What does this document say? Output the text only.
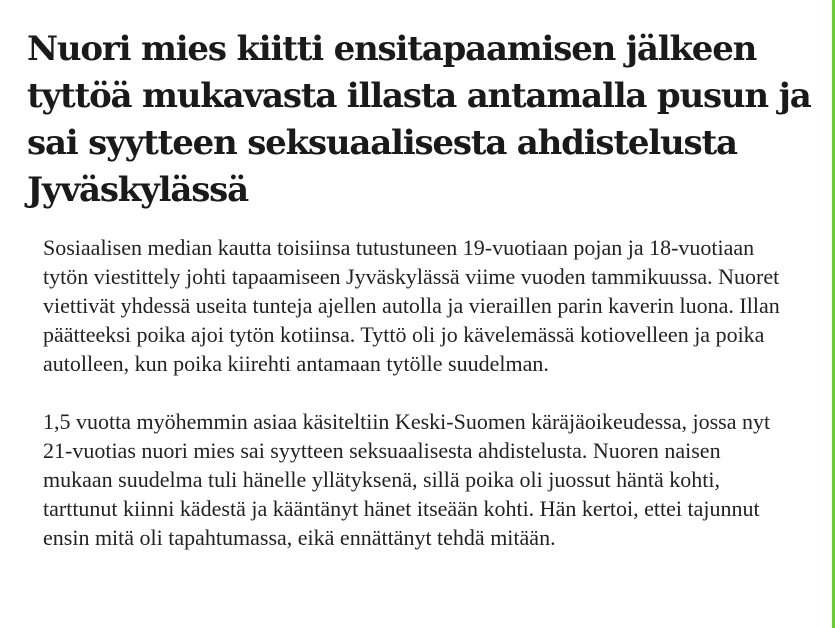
Nuori mies kiitti ensitapaamisen jälkeen tyttöä mukavasta illasta antamalla pusun ja sai syytteen seksuaalisesta ahdistelusta Jyväskylässä

Sosiaalisen median kautta toisiinsa tutustuneen 19-vuotiaan pojan ja 18-vuotiaan tytön viestittely johti tapaamiseen Jyväskylässä viime vuoden tammikuussa. Nuoret viettivät yhdessä useita tunteja ajellen autolla ja vieraillen parin kaverin luona. Illan päätteeksi poika ajoi tytön kotiinsa. Tyttö oli jo kävelemässä kotiovelleen ja poika autolleen, kun poika kiirehti antamaan tytölle suudelman.

1,5 vuotta myöhemmin asiaa käsiteltiin Keski-Suomen käräjäoikeudessa, jossa nyt 21-vuotias nuori mies sai syytteen seksuaalisesta ahdistelusta. Nuoren naisen mukaan suudelma tuli hänelle yllätyksenä, sillä poika oli juossut häntä kohti, tarttunut kiinni kädestä ja kääntänyt hänet itseään kohti. Hän kertoi, ettei tajunnut ensin mitä oli tapahtumassa, eikä ennättänyt tehdä mitään.
